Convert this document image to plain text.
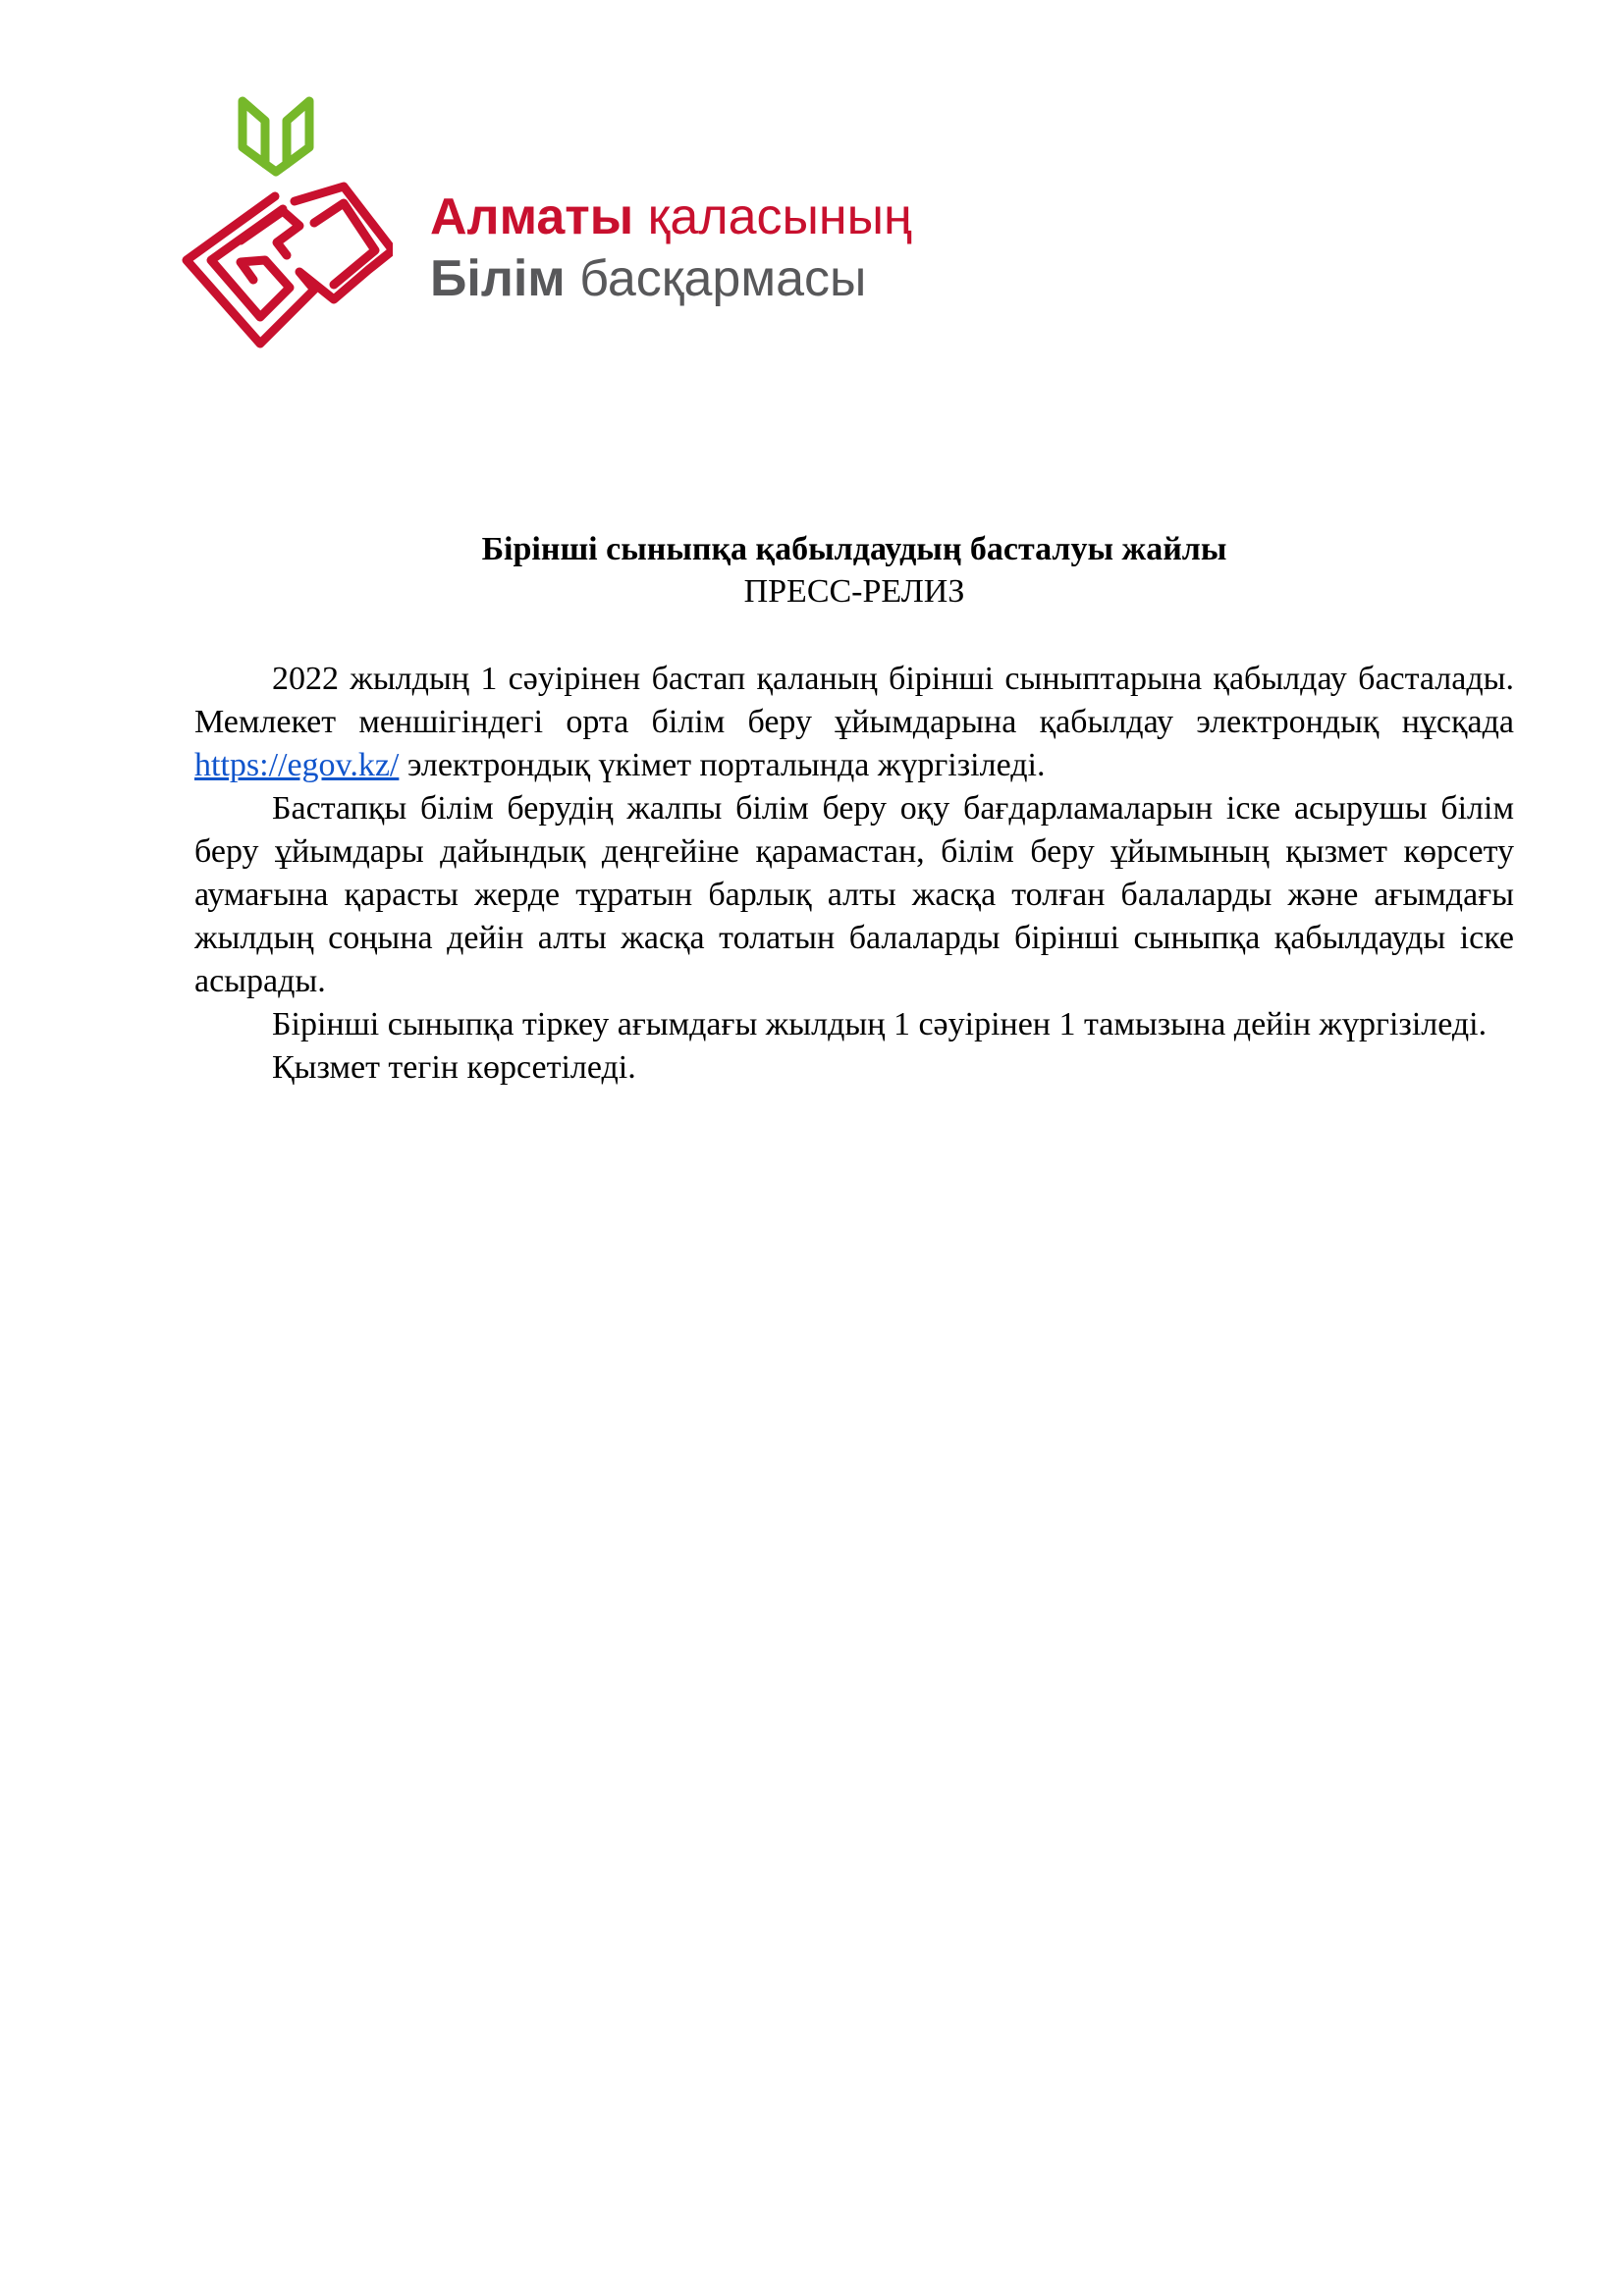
Алматы қаласының
Білім басқармасы
Бірінші сыныпқа қабылдаудың басталуы жайлы
ПРЕСС-РЕЛИЗ

2022 жылдың 1 сәуірінен бастап қаланың бірінші сыныптарына қабылдау басталады. Мемлекет меншігіндегі орта білім беру ұйымдарына қабылдау электрондық нұсқада https://egov.kz/ электрондық үкімет порталында жүргізіледі.

Бастапқы білім берудің жалпы білім беру оқу бағдарламаларын іске асырушы білім беру ұйымдары дайындық деңгейіне қарамастан, білім беру ұйымының қызмет көрсету аумағына қарасты жерде тұратын барлық алты жасқа толған балаларды және ағымдағы жылдың соңына дейін алты жасқа толатын балаларды бірінші сыныпқа қабылдауды іске асырады.

Бірінші сыныпқа тіркеу ағымдағы жылдың 1 сәуірінен 1 тамызына дейін жүргізіледі.

Қызмет тегін көрсетіледі.
